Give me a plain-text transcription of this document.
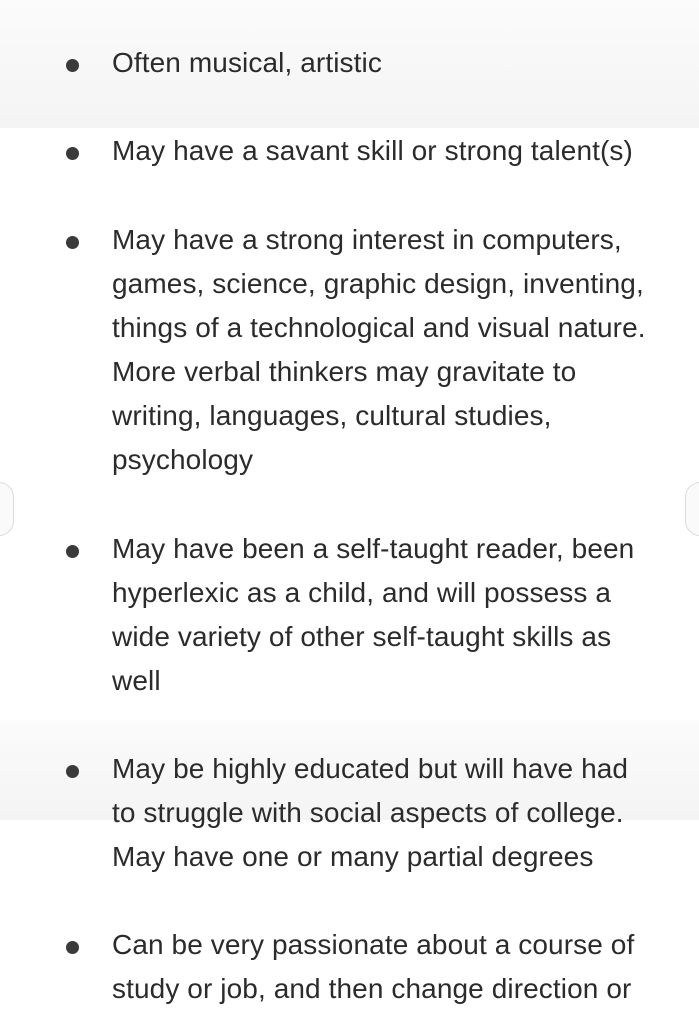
Often musical, artistic
May have a savant skill or strong talent(s)
May have a strong interest in computers,
games, science, graphic design, inventing,
things of a technological and visual nature.
More verbal thinkers may gravitate to
writing, languages, cultural studies,
psychology
May have been a self-taught reader, been
hyperlexic as a child, and will possess a
wide variety of other self-taught skills as
well
May be highly educated but will have had
to struggle with social aspects of college.
May have one or many partial degrees
Can be very passionate about a course of
study or job, and then change direction or
